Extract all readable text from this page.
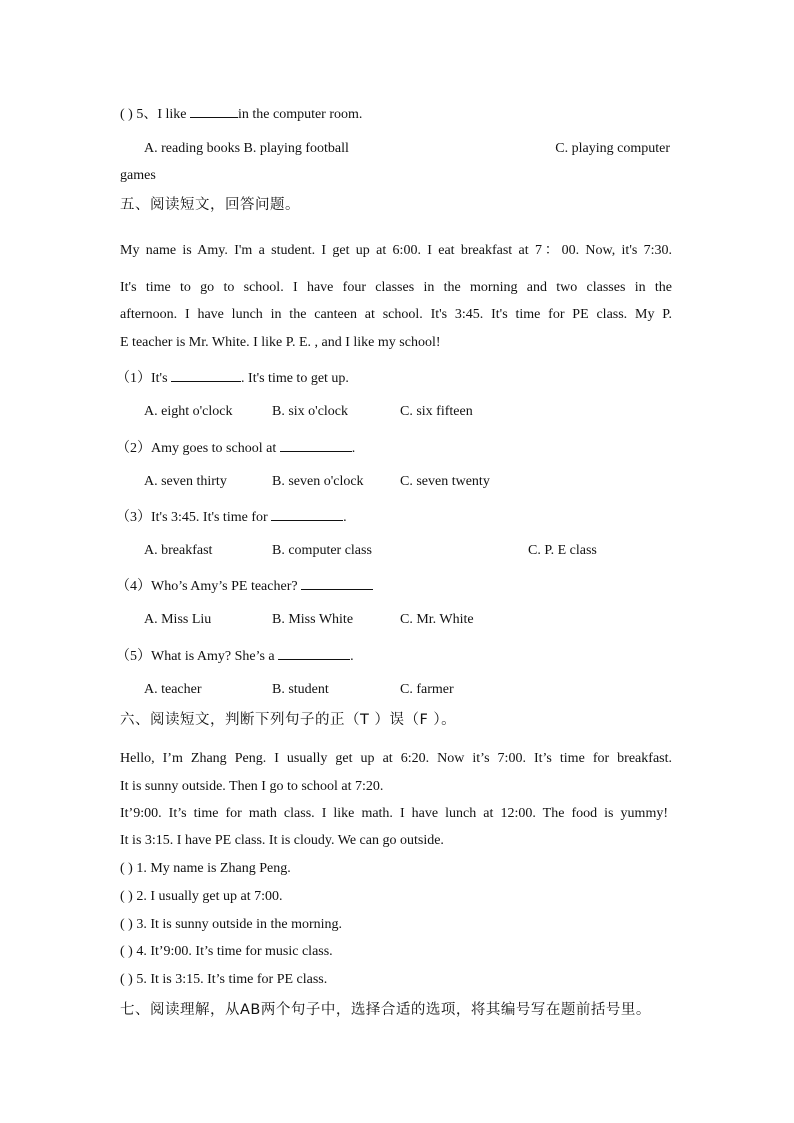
( ) 5、I like	in the computer room.
A. reading books B. playing football	C. playing computer
games
五、阅读短文，回答问题。
My name is Amy. I'm a student. I get up at 6:00. I eat breakfast at 7：00. Now, it's 7:30.
It's time to go to school. I have four classes in the morning and two classes in the
afternoon. I have lunch in the canteen at school. It's 3:45. It's time for PE class. My P.
E teacher is Mr. White. I like P. E. , and I like my school!
（1）It's	. It's time to get up.
A. eight o'clock	B. six o'clock	C. six fifteen
（2）Amy goes to school at	.
A. seven thirty	B. seven o'clock	C. seven twenty
（3）It's 3:45. It's time for	.
A. breakfast	B. computer class	C. P. E class
（4）Who’s Amy’s PE teacher?
A. Miss Liu	B. Miss White	C. Mr. White
（5）What is Amy? She’s a	.
A. teacher	B. student	C. farmer
六、阅读短文，判断下列句子的正（T ）误（F ）。
Hello, I’m Zhang Peng. I usually get up at 6:20. Now it’s 7:00. It’s time for breakfast.
It is sunny outside. Then I go to school at 7:20.
It’9:00. It’s time for math class. I like math. I have lunch at 12:00. The food is yummy!
It is 3:15. I have PE class. It is cloudy. We can go outside.
( ) 1. My name is Zhang Peng.
( ) 2. I usually get up at 7:00.
( ) 3. It is sunny outside in the morning.
( ) 4. It’9:00. It’s time for music class.
( ) 5. It is 3:15. It’s time for PE class.
七、阅读理解，从AB两个句子中，选择合适的选项，将其编号写在题前括号里。
